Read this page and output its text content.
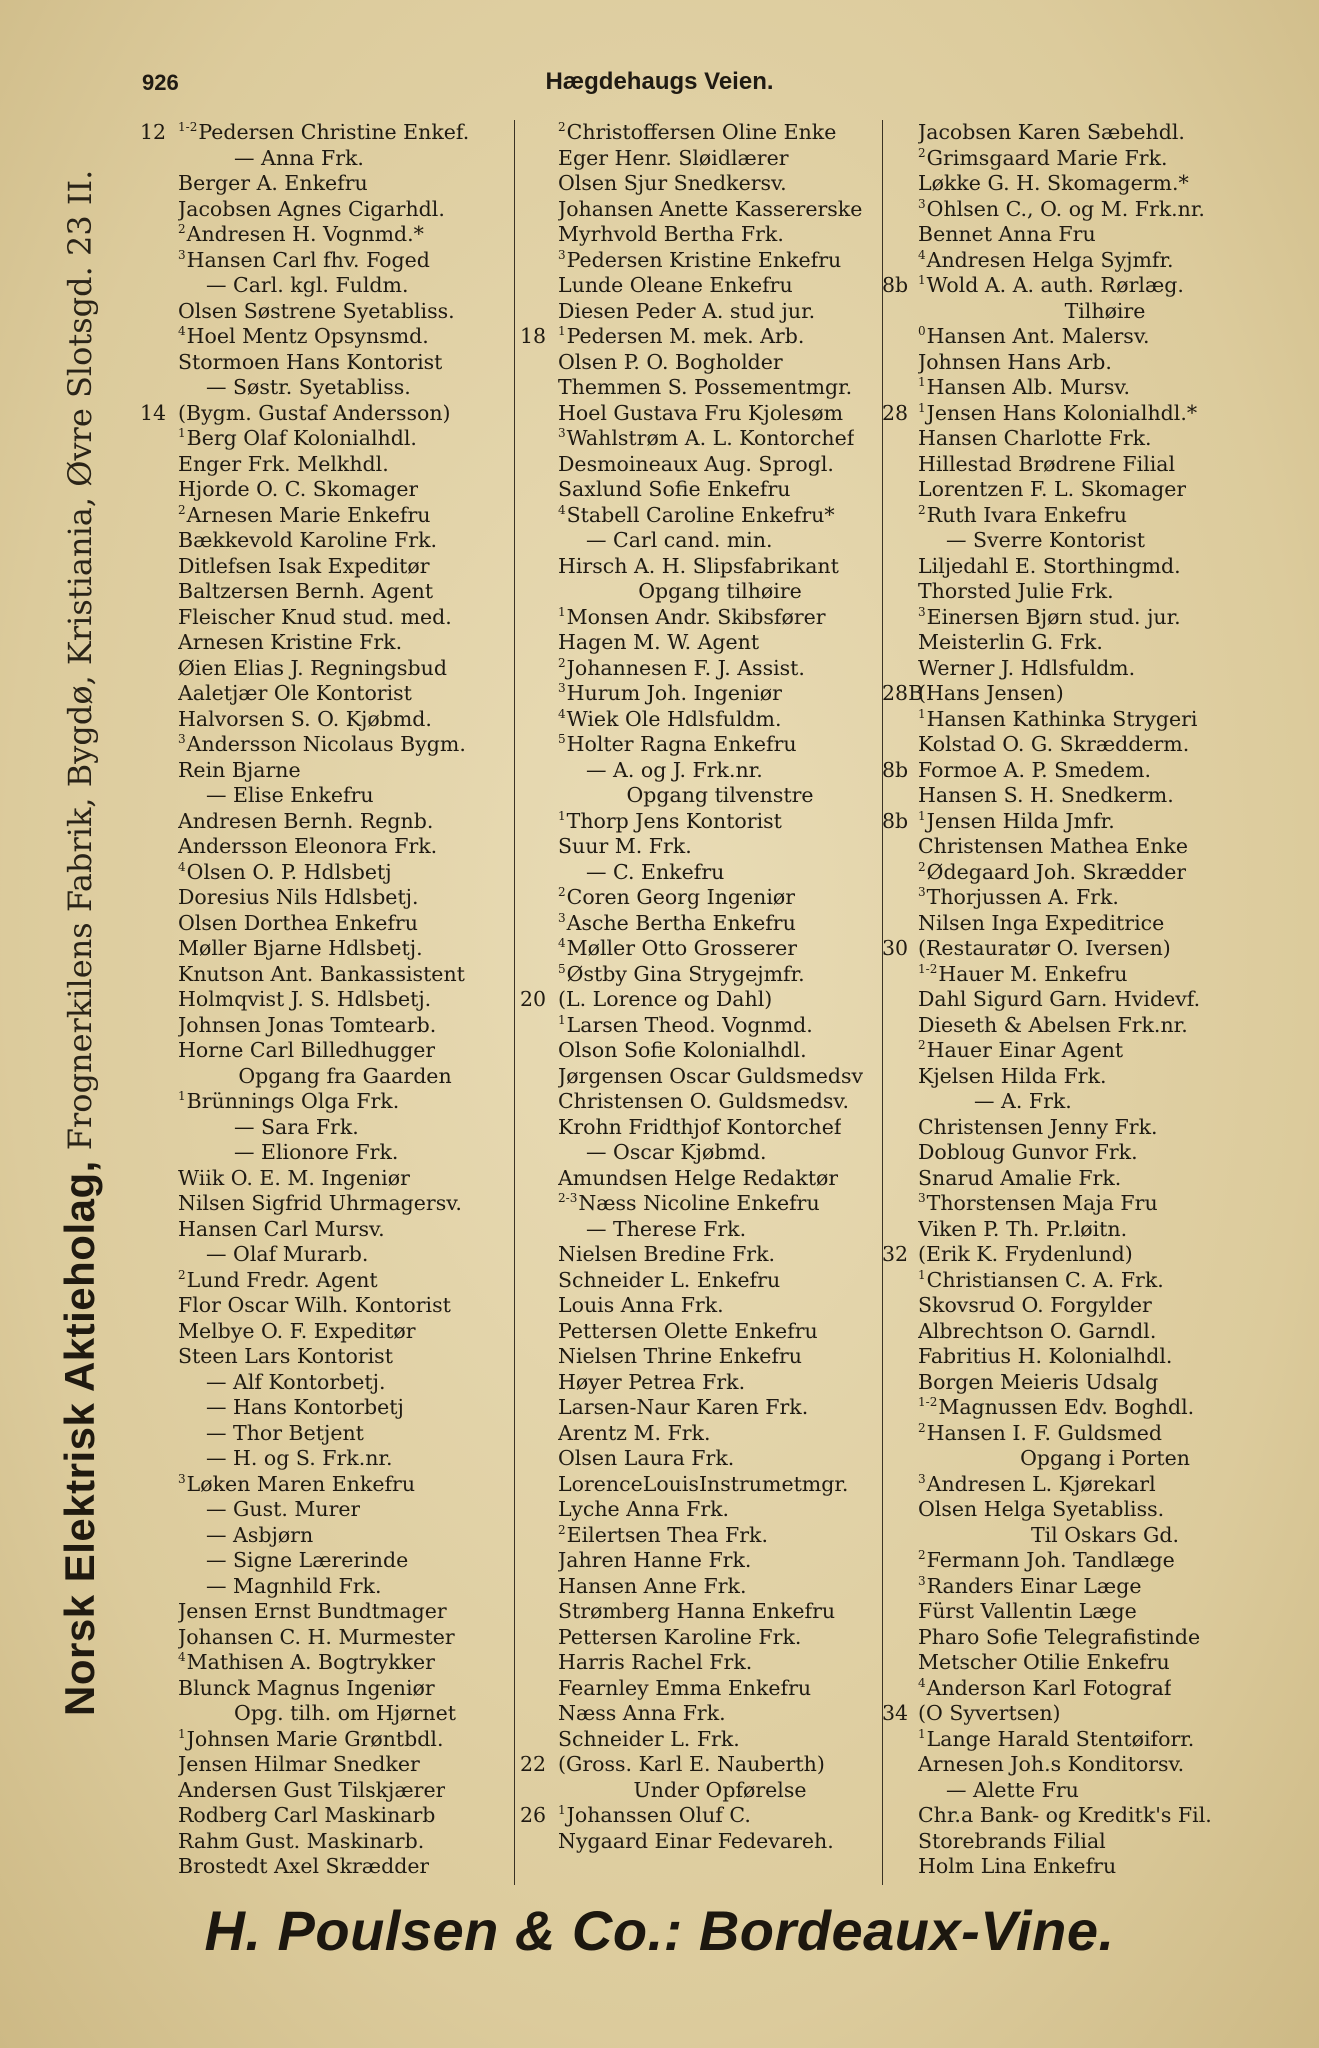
926	Hægdehaugs Veien.
Norsk Elektrisk Aktieholag,
Frognerkilens Fabrik, Bygdø, Kristiania, Øvre Slotsgd. 23 II.
12 $^{1-2}$Pedersen Christine Enkef.
— Anna Frk.
Berger A. Enkefru
Jacobsen Agnes Cigarhdl.
$^2$Andresen H. Vognmd.*
$^3$Hansen Carl fhv. Foged
— Carl. kgl. Fuldm.
Olsen Søstrene Syetabliss.
$^4$Hoel Mentz Opsynsmd.
Stormoen Hans Kontorist
— Søstr. Syetabliss.
14 (Bygm. Gustaf Andersson)
$^1$Berg Olaf Kolonialhdl.
Enger Frk. Melkhdl.
Hjorde O. C. Skomager
$^2$Arnesen Marie Enkefru
Bækkevold Karoline Frk.
Ditlefsen Isak Expeditør
Baltzersen Bernh. Agent
Fleischer Knud stud. med.
Arnesen Kristine Frk.
Øien Elias J. Regningsbud
Aaletjær Ole Kontorist
Halvorsen S. O. Kjøbmd.
$^3$Andersson Nicolaus Bygm.
Rein Bjarne
— Elise Enkefru
Andresen Bernh. Regnb.
Andersson Eleonora Frk.
$^4$Olsen O. P. Hdlsbetj
Doresius Nils Hdlsbetj.
Olsen Dorthea Enkefru
Møller Bjarne Hdlsbetj.
Knutson Ant. Bankassistent
Holmqvist J. S. Hdlsbetj.
Johnsen Jonas Tomtearb.
Horne Carl Billedhugger
Opgang fra Gaarden
$^1$Brünnings Olga Frk.
— Sara Frk.
— Elionore Frk.
Wiik O. E. M. Ingeniør
Nilsen Sigfrid Uhrmagersv.
Hansen Carl Mursv.
— Olaf Murarb.
$^2$Lund Fredr. Agent
Flor Oscar Wilh. Kontorist
Melbye O. F. Expeditør
Steen Lars Kontorist
— Alf Kontorbetj.
— Hans Kontorbetj
— Thor Betjent
— H. og S. Frk.nr.
$^3$Løken Maren Enkefru
— Gust. Murer
— Asbjørn
— Signe Lærerinde
— Magnhild Frk.
Jensen Ernst Bundtmager
Johansen C. H. Murmester
$^4$Mathisen A. Bogtrykker
Blunck Magnus Ingeniør
Opg. tilh. om Hjørnet
$^1$Johnsen Marie Grøntbdl.
Jensen Hilmar Snedker
Andersen Gust Tilskjærer
Rodberg Carl Maskinarb
Rahm Gust. Maskinarb.
Brostedt Axel Skrædder
$^2$Christoffersen Oline Enke
Eger Henr. Sløidlærer
Olsen Sjur Snedkersv.
Johansen Anette Kassererske
Myrhvold Bertha Frk.
$^3$Pedersen Kristine Enkefru
Lunde Oleane Enkefru
Diesen Peder A. stud jur.
18 $^1$Pedersen M. mek. Arb.
Olsen P. O. Bogholder
Themmen S. Possementmgr.
Hoel Gustava Fru Kjolesøm
$^3$Wahlstrøm A. L. Kontorchef
Desmoineaux Aug. Sprogl.
Saxlund Sofie Enkefru
$^4$Stabell Caroline Enkefru*
— Carl cand. min.
Hirsch A. H. Slipsfabrikant
Opgang tilhøire
$^1$Monsen Andr. Skibsfører
Hagen M. W. Agent
$^2$Johannesen F. J. Assist.
$^3$Hurum Joh. Ingeniør
$^4$Wiek Ole Hdlsfuldm.
$^5$Holter Ragna Enkefru
— A. og J. Frk.nr.
Opgang tilvenstre
$^1$Thorp Jens Kontorist
Suur M. Frk.
— C. Enkefru
$^2$Coren Georg Ingeniør
$^3$Asche Bertha Enkefru
$^4$Møller Otto Grosserer
$^5$Østby Gina Strygejmfr.
20 (L. Lorence og Dahl)
$^1$Larsen Theod. Vognmd.
Olson Sofie Kolonialhdl.
Jørgensen Oscar Guldsmedsv
Christensen O. Guldsmedsv.
Krohn Fridthjof Kontorchef
— Oscar Kjøbmd.
Amundsen Helge Redaktør
$^{2-3}$Næss Nicoline Enkefru
— Therese Frk.
Nielsen Bredine Frk.
Schneider L. Enkefru
Louis Anna Frk.
Pettersen Olette Enkefru
Nielsen Thrine Enkefru
Høyer Petrea Frk.
Larsen-Naur Karen Frk.
Arentz M. Frk.
Olsen Laura Frk.
LorenceLouisInstrumetmgr.
Lyche Anna Frk.
$^2$Eilertsen Thea Frk.
Jahren Hanne Frk.
Hansen Anne Frk.
Strømberg Hanna Enkefru
Pettersen Karoline Frk.
Harris Rachel Frk.
Fearnley Emma Enkefru
Næss Anna Frk.
Schneider L. Frk.
22 (Gross. Karl E. Nauberth)
Under Opførelse
26 $^1$Johanssen Oluf C.
Nygaard Einar Fedevareh.
Jacobsen Karen Sæbehdl.
$^2$Grimsgaard Marie Frk.
Løkke G. H. Skomagerm.*
$^3$Ohlsen C., O. og M. Frk.nr.
Bennet Anna Fru
$^4$Andresen Helga Syjmfr.
8b $^1$Wold A. A. auth. Rørlæg.
Tilhøire
$^0$Hansen Ant. Malersv.
Johnsen Hans Arb.
$^1$Hansen Alb. Mursv.
28 $^1$Jensen Hans Kolonialhdl.*
Hansen Charlotte Frk.
Hillestad Brødrene Filial
Lorentzen F. L. Skomager
$^2$Ruth Ivara Enkefru
— Sverre Kontorist
Liljedahl E. Storthingmd.
Thorsted Julie Frk.
$^3$Einersen Bjørn stud. jur.
Meisterlin G. Frk.
Werner J. Hdlsfuldm.
28B
(Hans Jensen)
$^1$Hansen Kathinka Strygeri
Kolstad O. G. Skrædderm.
8b Formoe A. P. Smedem.
Hansen S. H. Snedkerm.
8b $^1$Jensen Hilda Jmfr.
Christensen Mathea Enke
$^2$Ødegaard Joh. Skrædder
$^3$Thorjussen A. Frk.
Nilsen Inga Expeditrice
30 (Restauratør O. Iversen)
$^{1-2}$Hauer M. Enkefru
Dahl Sigurd Garn. Hvidevf.
Dieseth & Abelsen Frk.nr.
$^2$Hauer Einar Agent
Kjelsen Hilda Frk.
— A. Frk.
Christensen Jenny Frk.
Dobloug Gunvor Frk.
Snarud Amalie Frk.
$^3$Thorstensen Maja Fru
Viken P. Th. Pr.løitn.
32 (Erik K. Frydenlund)
$^1$Christiansen C. A. Frk.
Skovsrud O. Forgylder
Albrechtson O. Garndl.
Fabritius H. Kolonialhdl.
Borgen Meieris Udsalg
$^{1-2}$Magnussen Edv. Boghdl.
$^2$Hansen I. F. Guldsmed
Opgang i Porten
$^3$Andresen L. Kjørekarl
Olsen Helga Syetabliss.
Til Oskars Gd.
$^2$Fermann Joh. Tandlæge
$^3$Randers Einar Læge
Fürst Vallentin Læge
Pharo Sofie Telegrafistinde
Metscher Otilie Enkefru
$^4$Anderson Karl Fotograf
34 (O Syvertsen)
$^1$Lange Harald Stentøiforr.
Arnesen Joh.s Konditorsv.
— Alette Fru
Chr.a Bank- og Kreditk's Fil.
Storebrands Filial
Holm Lina Enkefru
H. Poulsen & Co.: Bordeaux-Vine.
